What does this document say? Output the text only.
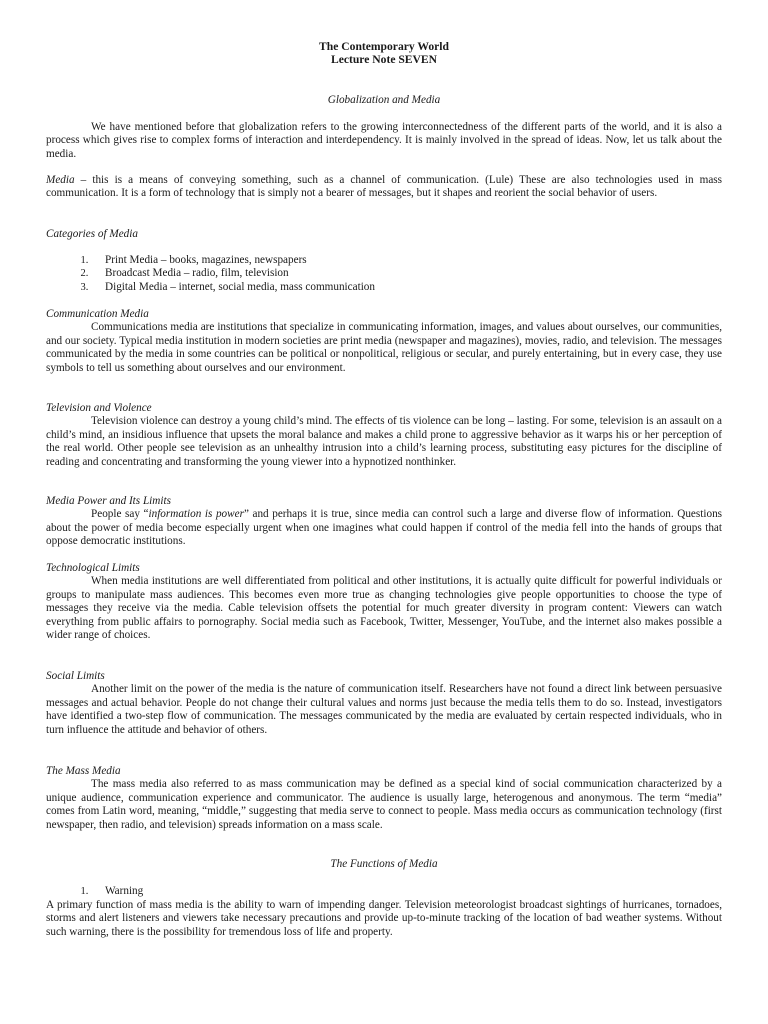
The Contemporary World
Lecture Note SEVEN
Globalization and Media

We have mentioned before that globalization refers to the growing interconnectedness of the different parts of the world, and it is also a process which gives rise to complex forms of interaction and interdependency. It is mainly involved in the spread of ideas. Now, let us talk about the media.

Media – this is a means of conveying something, such as a channel of communication. (Lule) These are also technologies used in mass communication. It is a form of technology that is simply not a bearer of messages, but it shapes and reorient the social behavior of users.

Categories of Media

1. Print Media – books, magazines, newspapers
2. Broadcast Media – radio, film, television
3. Digital Media – internet, social media, mass communication

Communication Media

Communications media are institutions that specialize in communicating information, images, and values about ourselves, our communities, and our society. Typical media institution in modern societies are print media (newspaper and magazines), movies, radio, and television. The messages communicated by the media in some countries can be political or nonpolitical, religious or secular, and purely entertaining, but in every case, they use symbols to tell us something about ourselves and our environment.

Television and Violence

Television violence can destroy a young child’s mind. The effects of tis violence can be long – lasting. For some, television is an assault on a child’s mind, an insidious influence that upsets the moral balance and makes a child prone to aggressive behavior as it warps his or her perception of the real world. Other people see television as an unhealthy intrusion into a child’s learning process, substituting easy pictures for the discipline of reading and concentrating and transforming the young viewer into a hypnotized nonthinker.

Media Power and Its Limits

People say “information is power” and perhaps it is true, since media can control such a large and diverse flow of information. Questions about the power of media become especially urgent when one imagines what could happen if control of the media fell into the hands of groups that oppose democratic institutions.

Technological Limits

When media institutions are well differentiated from political and other institutions, it is actually quite difficult for powerful individuals or groups to manipulate mass audiences. This becomes even more true as changing technologies give people opportunities to choose the type of messages they receive via the media. Cable television offsets the potential for much greater diversity in program content: Viewers can watch everything from public affairs to pornography. Social media such as Facebook, Twitter, Messenger, YouTube, and the internet also makes possible a wider range of choices.

Social Limits

Another limit on the power of the media is the nature of communication itself. Researchers have not found a direct link between persuasive messages and actual behavior. People do not change their cultural values and norms just because the media tells them to do so. Instead, investigators have identified a two-step flow of communication. The messages communicated by the media are evaluated by certain respected individuals, who in turn influence the attitude and behavior of others.

The Mass Media

The mass media also referred to as mass communication may be defined as a special kind of social communication characterized by a unique audience, communication experience and communicator. The audience is usually large, heterogenous and anonymous. The term “media” comes from Latin word, meaning, “middle,” suggesting that media serve to connect to people. Mass media occurs as communication technology (first newspaper, then radio, and television) spreads information on a mass scale.

The Functions of Media
1. Warning

A primary function of mass media is the ability to warn of impending danger. Television meteorologist broadcast sightings of hurricanes, tornadoes, storms and alert listeners and viewers take necessary precautions and provide up-to-minute tracking of the location of bad weather systems. Without such warning, there is the possibility for tremendous loss of life and property.
